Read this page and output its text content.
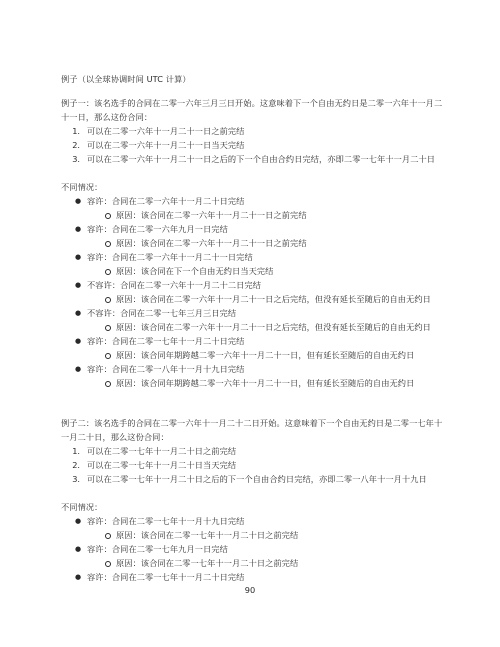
例子（以全球协调时间 UTC 计算）
例子一：该名选手的合同在二零一六年三月三日开始。这意味着下一个自由无约日是二零一六年十一月二
十一日，那么这份合同：
1. 可以在二零一六年十一月二十一日之前完结
2. 可以在二零一六年十一月二十一日当天完结
3. 可以在二零一六年十一月二十一日之后的下一个自由合约日完结，亦即二零一七年十一月二十日
不同情况：
● 容许：合同在二零一六年十一月二十日完结
原因：该合同在二零一六年十一月二十一日之前完结
● 容许：合同在二零一六年九月一日完结
原因：该合同在二零一六年十一月二十一日之前完结
● 容许：合同在二零一六年十一月二十一日完结
原因：该合同在下一个自由无约日当天完结
● 不容许：合同在二零一六年十一月二十二日完结
原因：该合同在二零一六年十一月二十一日之后完结，但没有延长至随后的自由无约日
● 不容许：合同在二零一七年三月三日完结
原因：该合同在二零一六年十一月二十一日之后完结，但没有延长至随后的自由无约日
● 容许：合同在二零一七年十一月二十日完结
原因：该合同年期跨越二零一六年十一月二十一日，但有延长至随后的自由无约日
● 容许：合同在二零一八年十一月十九日完结
原因：该合同年期跨越二零一六年十一月二十一日，但有延长至随后的自由无约日
例子二：该名选手的合同在二零一六年十一月二十二日开始。这意味着下一个自由无约日是二零一七年十
一月二十日，那么这份合同：
1. 可以在二零一七年十一月二十日之前完结
2. 可以在二零一七年十一月二十日当天完结
3. 可以在二零一七年十一月二十日之后的下一个自由合约日完结，亦即二零一八年十一月十九日
不同情况：
● 容许：合同在二零一七年十一月十九日完结
原因：该合同在二零一七年十一月二十日之前完结
● 容许：合同在二零一七年九月一日完结
原因：该合同在二零一七年十一月二十日之前完结
● 容许：合同在二零一七年十一月二十日完结
90
